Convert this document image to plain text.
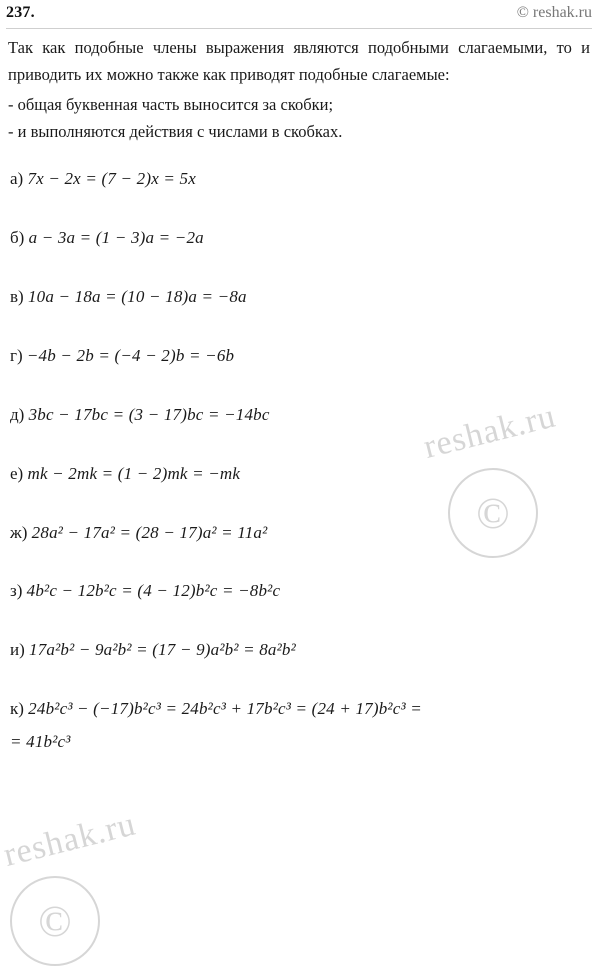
237.	© reshak.ru

Так как подобные члены выражения являются подобными слагаемыми, то и приводить их можно также как приводят подобные слагаемые:

- общая буквенная часть выносится за скобки;

- и выполняются действия с числами в скобках.

а) 7x − 2x = (7 − 2)x = 5x
б) a − 3a = (1 − 3)a = −2a
в) 10a − 18a = (10 − 18)a = −8a
г) −4b − 2b = (−4 − 2)b = −6b
д) 3bc − 17bc = (3 − 17)bc = −14bc
е) mk − 2mk = (1 − 2)mk = −mk
ж) 28a² − 17a² = (28 − 17)a² = 11a²
з) 4b²c − 12b²c = (4 − 12)b²c = −8b²c
и) 17a²b² − 9a²b² = (17 − 9)a²b² = 8a²b²
к) 24b²c³ − (−17)b²c³ = 24b²c³ + 17b²c³ = (24 + 17)b²c³ =
= 41b²c³
reshak.ru
©
reshak.ru
©
